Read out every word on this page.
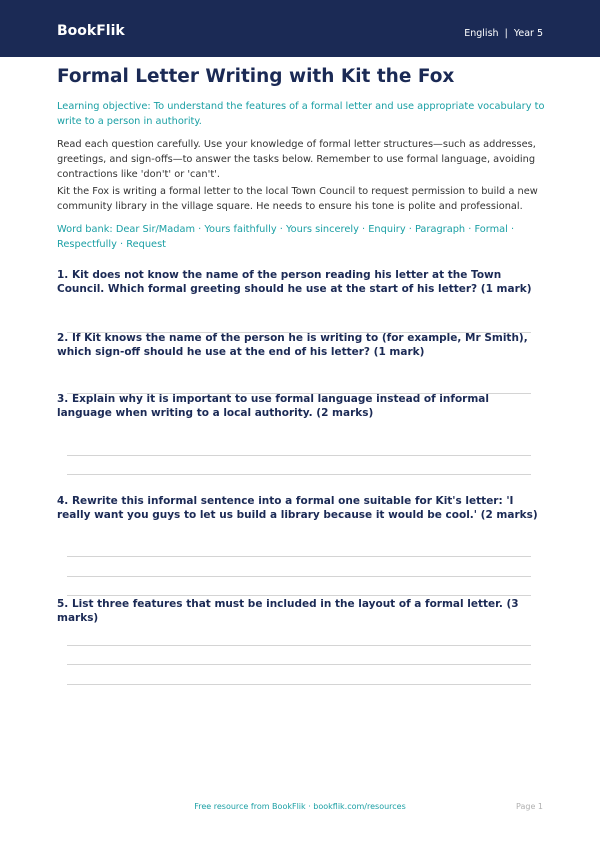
BookFlik	English  |  Year 5
Formal Letter Writing with Kit the Fox

Learning objective: To understand the features of a formal letter and use appropriate vocabulary to write to a person in authority.

Read each question carefully. Use your knowledge of formal letter structures—such as addresses, greetings, and sign-offs—to answer the tasks below. Remember to use formal language, avoiding contractions like 'don't' or 'can't'.

Kit the Fox is writing a formal letter to the local Town Council to request permission to build a new community library in the village square. He needs to ensure his tone is polite and professional.

Word bank: Dear Sir/Madam · Yours faithfully · Yours sincerely · Enquiry · Paragraph · Formal · Respectfully · Request

1. Kit does not know the name of the person reading his letter at the Town Council. Which formal greeting should he use at the start of his letter? (1 mark)

2. If Kit knows the name of the person he is writing to (for example, Mr Smith), which sign-off should he use at the end of his letter? (1 mark)

3. Explain why it is important to use formal language instead of informal language when writing to a local authority. (2 marks)

4. Rewrite this informal sentence into a formal one suitable for Kit's letter: 'I really want you guys to let us build a library because it would be cool.' (2 marks)

5. List three features that must be included in the layout of a formal letter. (3 marks)

Free resource from BookFlik · bookflik.com/resources	Page 1
